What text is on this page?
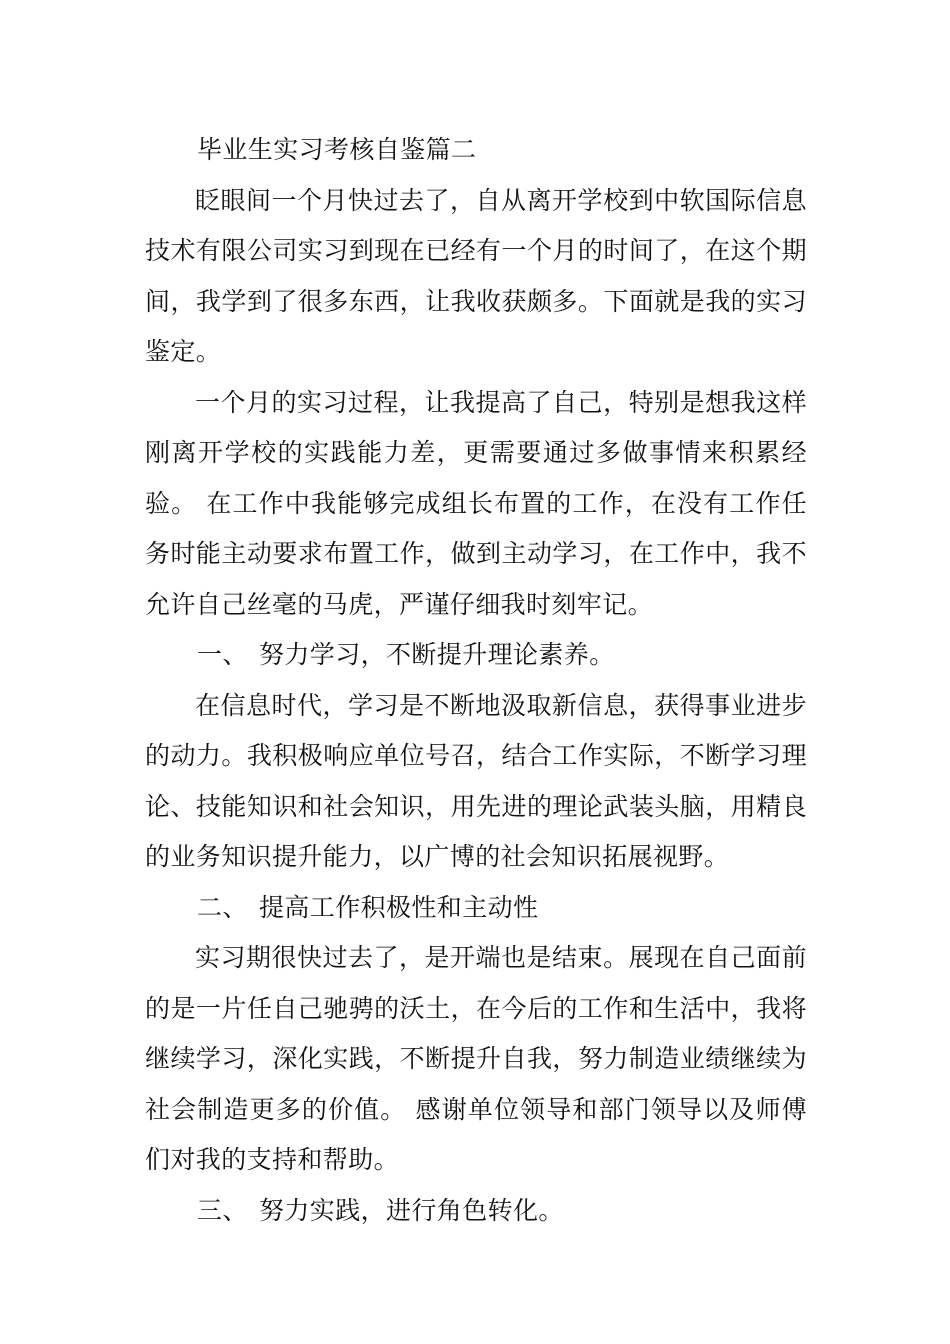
毕业生实习考核自鉴篇二

眨眼间一个月快过去了，自从离开学校到中软国际信息技术有限公司实习到现在已经有一个月的时间了，在这个期间，我学到了很多东西，让我收获颇多。下面就是我的实习鉴定。

一个月的实习过程，让我提高了自己，特别是想我这样刚离开学校的实践能力差，更需要通过多做事情来积累经验。 在工作中我能够完成组长布置的工作，在没有工作任务时能主动要求布置工作，做到主动学习，在工作中，我不允许自己丝毫的马虎，严谨仔细我时刻牢记。

一、 努力学习，不断提升理论素养。

在信息时代，学习是不断地汲取新信息，获得事业进步的动力。我积极响应单位号召，结合工作实际，不断学习理论、技能知识和社会知识，用先进的理论武装头脑，用精良的业务知识提升能力，以广博的社会知识拓展视野。

二、 提高工作积极性和主动性

实习期很快过去了，是开端也是结束。展现在自己面前的是一片任自己驰骋的沃土，在今后的工作和生活中，我将继续学习，深化实践，不断提升自我，努力制造业绩继续为社会制造更多的价值。 感谢单位领导和部门领导以及师傅们对我的支持和帮助。

三、 努力实践，进行角色转化。
